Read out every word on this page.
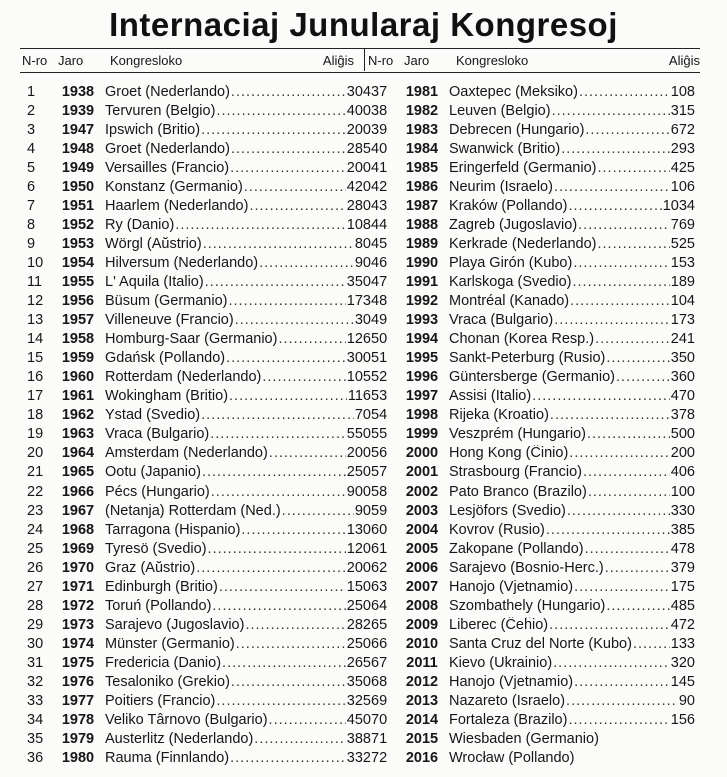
Internaciaj Junularaj Kongresoj
N-ro Jaro	Kongresloko	Aliĝis N-ro Jaro	Kongresloko	Aliĝis
1	1938 Groet (Nederlando) .....	304
2	1939 Tervuren (Belgio) .....	400
3	1947 Ipswich (Britio) .....	200
4	1948 Groet (Nederlando) .....	285
5	1949 Versailles (Francio) .....	200
6	1950 Konstanz (Germanio) .....	420
7	1951 Haarlem (Nederlando) .....	280
8	1952 Ry (Danio) .....	108
9	1953 Wörgl (Aŭstrio) .....	80
10	1954 Hilversum (Nederlando) .....	90
11	1955 L' Aquila (Italio) .....	350
12	1956 Büsum (Germanio) .....	173
13	1957 Villeneuve (Francio) .....	30
14	1958 Homburg-Saar (Germanio) .....	126
15	1959 Gdańsk (Pollando) .....	300
16	1960 Rotterdam (Nederlando) .....	105
17	1961 Wokingham (Britio) .....	116
18	1962 Ystad (Svedio) .....	70
19	1963 Vraca (Bulgario) .....	550
20	1964 Amsterdam (Nederlando) .....	200
21	1965 Ootu (Japanio) .....	250
22	1966 Pécs (Hungario) .....	900
23	1967 (Netanja) Rotterdam (Ned.) .....	90
24	1968 Tarragona (Hispanio) .....	130
25	1969 Tyresö (Svedio) .....	120
26	1970 Graz (Aŭstrio) .....	200
27	1971 Edinburgh (Britio) .....	150
28	1972 Toruń (Pollando) .....	250
29	1973 Sarajevo (Jugoslavio) .....	282
30	1974 Münster (Germanio) .....	250
31	1975 Fredericia (Danio) .....	265
32	1976 Tesaloniko (Grekio) .....	350
33	1977 Poitiers (Francio) .....	325
34	1978 Veliko Târnovo (Bulgario) .....	450
35	1979 Austerlitz (Nederlando) .....	388
36	1980 Rauma (Finnlando) .....	332
37	1981 Oaxtepec (Meksiko) .....	108
38	1982 Leuven (Belgio) .....	315
39	1983 Debrecen (Hungario) .....	672
40	1984 Swanwick (Britio) .....	293
41	1985 Eringerfeld (Germanio) .....	425
42	1986 Neurim (Israelo) .....	106
43	1987 Kraków (Pollando) .....	1034
44	1988 Zagreb (Jugoslavio) .....	769
45	1989 Kerkrade (Nederlando) .....	525
46	1990 Playa Girón (Kubo) .....	153
47	1991 Karlskoga (Svedio) .....	189
48	1992 Montréal (Kanado) .....	104
49	1993 Vraca (Bulgario) .....	173
50	1994 Chonan (Korea Resp.) .....	241
51	1995 Sankt-Peterburg (Rusio) .....	350
52	1996 Güntersberge (Germanio) .....	360
53	1997 Assisi (Italio) .....	470
54	1998 Rijeka (Kroatio) .....	378
55	1999 Veszprém (Hungario) .....	500
56	2000 Hong Kong (Ĉinio) .....	200
57	2001 Strasbourg (Francio) .....	406
58	2002 Pato Branco (Brazilo) .....	100
59	2003 Lesjöfors (Svedio) .....	330
60	2004 Kovrov (Rusio) .....	385
61	2005 Zakopane (Pollando) .....	478
62	2006 Sarajevo (Bosnio-Herc.) .....	379
63	2007 Hanojo (Vjetnamio) .....	175
64	2008 Szombathely (Hungario) .....	485
65	2009 Liberec (Ĉeĥio) .....	472
66	2010 Santa Cruz del Norte (Kubo) .....	133
67	2011 Kievo (Ukrainio) .....	320
68	2012 Hanojo (Vjetnamio) .....	145
69	2013 Nazareto (Israelo) .....	90
70	2014 Fortaleza (Brazilo) .....	156
71	2015 Wiesbaden (Germanio)
72	2016 Wrocław (Pollando)
